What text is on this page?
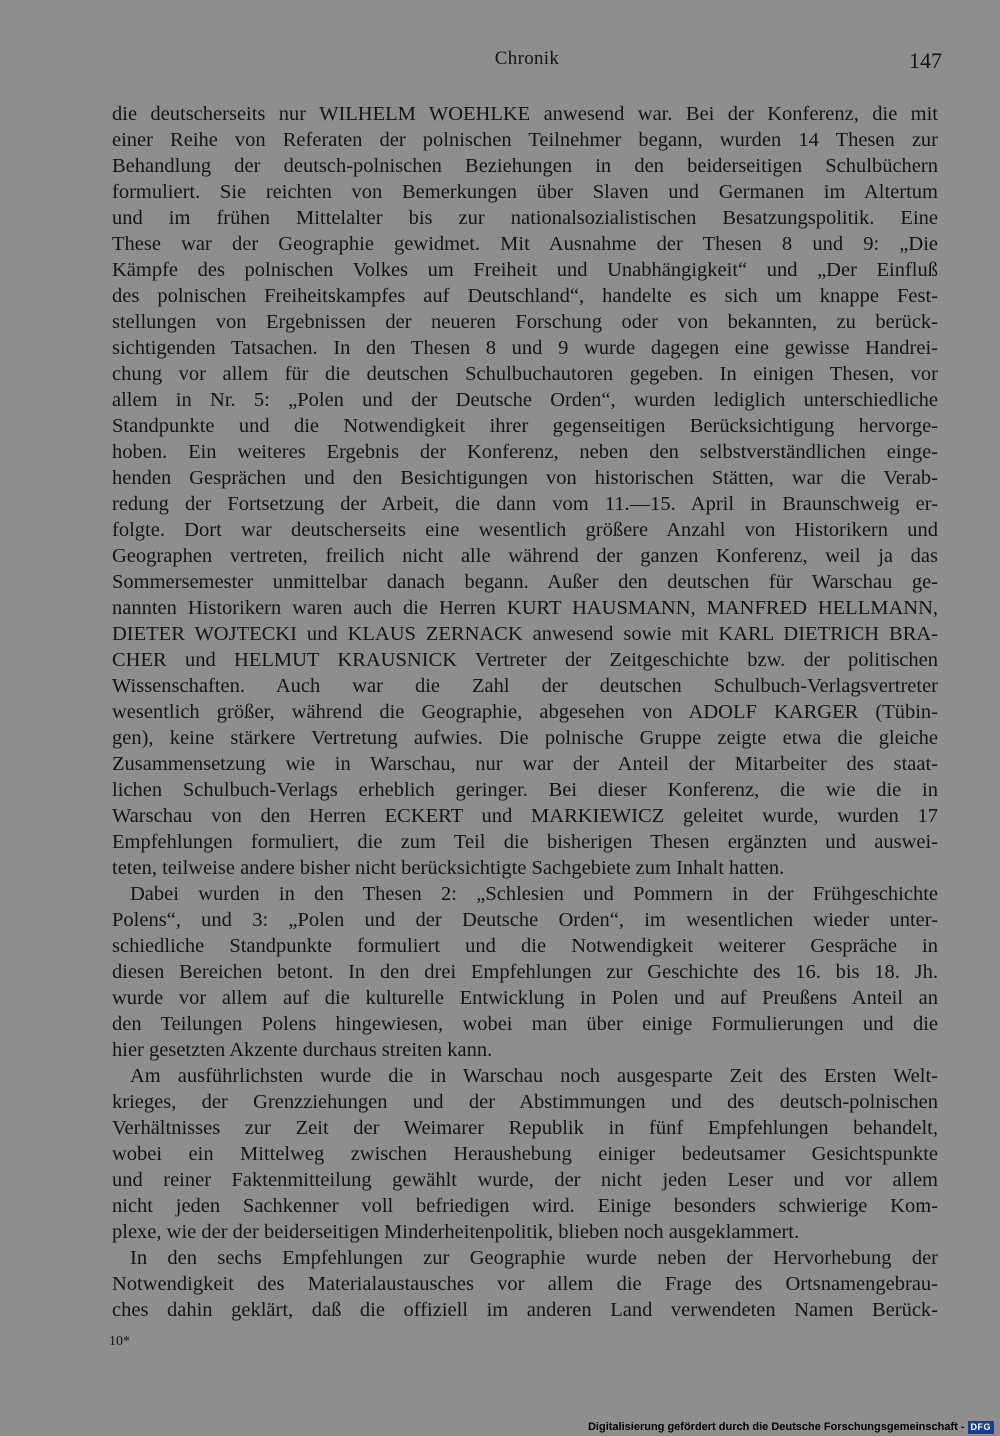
Chronik	147
die deutscherseits nur WILHELM WOEHLKE anwesend war. Bei der Konferenz, die mit
einer Reihe von Referaten der polnischen Teilnehmer begann, wurden 14 Thesen zur
Behandlung der deutsch-polnischen Beziehungen in den beiderseitigen Schulbüchern
formuliert. Sie reichten von Bemerkungen über Slaven und Germanen im Altertum
und im frühen Mittelalter bis zur nationalsozialistischen Besatzungspolitik. Eine
These war der Geographie gewidmet. Mit Ausnahme der Thesen 8 und 9: „Die
Kämpfe des polnischen Volkes um Freiheit und Unabhängigkeit“ und „Der Einfluß
des polnischen Freiheitskampfes auf Deutschland“, handelte es sich um knappe Fest-
stellungen von Ergebnissen der neueren Forschung oder von bekannten, zu berück-
sichtigenden Tatsachen. In den Thesen 8 und 9 wurde dagegen eine gewisse Handrei-
chung vor allem für die deutschen Schulbuchautoren gegeben. In einigen Thesen, vor
allem in Nr. 5: „Polen und der Deutsche Orden“, wurden lediglich unterschiedliche
Standpunkte und die Notwendigkeit ihrer gegenseitigen Berücksichtigung hervorge-
hoben. Ein weiteres Ergebnis der Konferenz, neben den selbstverständlichen einge-
henden Gesprächen und den Besichtigungen von historischen Stätten, war die Verab-
redung der Fortsetzung der Arbeit, die dann vom 11.—15. April in Braunschweig er-
folgte. Dort war deutscherseits eine wesentlich größere Anzahl von Historikern und
Geographen vertreten, freilich nicht alle während der ganzen Konferenz, weil ja das
Sommersemester unmittelbar danach begann. Außer den deutschen für Warschau ge-
nannten Historikern waren auch die Herren KURT HAUSMANN, MANFRED HELLMANN,
DIETER WOJTECKI und KLAUS ZERNACK anwesend sowie mit KARL DIETRICH BRA-
CHER und HELMUT KRAUSNICK Vertreter der Zeitgeschichte bzw. der politischen
Wissenschaften. Auch war die Zahl der deutschen Schulbuch-Verlagsvertreter
wesentlich größer, während die Geographie, abgesehen von ADOLF KARGER (Tübin-
gen), keine stärkere Vertretung aufwies. Die polnische Gruppe zeigte etwa die gleiche
Zusammensetzung wie in Warschau, nur war der Anteil der Mitarbeiter des staat-
lichen Schulbuch-Verlags erheblich geringer. Bei dieser Konferenz, die wie die in
Warschau von den Herren ECKERT und MARKIEWICZ geleitet wurde, wurden 17
Empfehlungen formuliert, die zum Teil die bisherigen Thesen ergänzten und auswei-
teten, teilweise andere bisher nicht berücksichtigte Sachgebiete zum Inhalt hatten.
Dabei wurden in den Thesen 2: „Schlesien und Pommern in der Frühgeschichte
Polens“, und 3: „Polen und der Deutsche Orden“, im wesentlichen wieder unter-
schiedliche Standpunkte formuliert und die Notwendigkeit weiterer Gespräche in
diesen Bereichen betont. In den drei Empfehlungen zur Geschichte des 16. bis 18. Jh.
wurde vor allem auf die kulturelle Entwicklung in Polen und auf Preußens Anteil an
den Teilungen Polens hingewiesen, wobei man über einige Formulierungen und die
hier gesetzten Akzente durchaus streiten kann.
Am ausführlichsten wurde die in Warschau noch ausgesparte Zeit des Ersten Welt-
krieges, der Grenzziehungen und der Abstimmungen und des deutsch-polnischen
Verhältnisses zur Zeit der Weimarer Republik in fünf Empfehlungen behandelt,
wobei ein Mittelweg zwischen Heraushebung einiger bedeutsamer Gesichtspunkte
und reiner Faktenmitteilung gewählt wurde, der nicht jeden Leser und vor allem
nicht jeden Sachkenner voll befriedigen wird. Einige besonders schwierige Kom-
plexe, wie der der beiderseitigen Minderheitenpolitik, blieben noch ausgeklammert.
In den sechs Empfehlungen zur Geographie wurde neben der Hervorhebung der
Notwendigkeit des Materialaustausches vor allem die Frage des Ortsnamengebrau-
ches dahin geklärt, daß die offiziell im anderen Land verwendeten Namen Berück-
10*
Digitalisierung gefördert durch die Deutsche Forschungsgemeinschaft - DFG
